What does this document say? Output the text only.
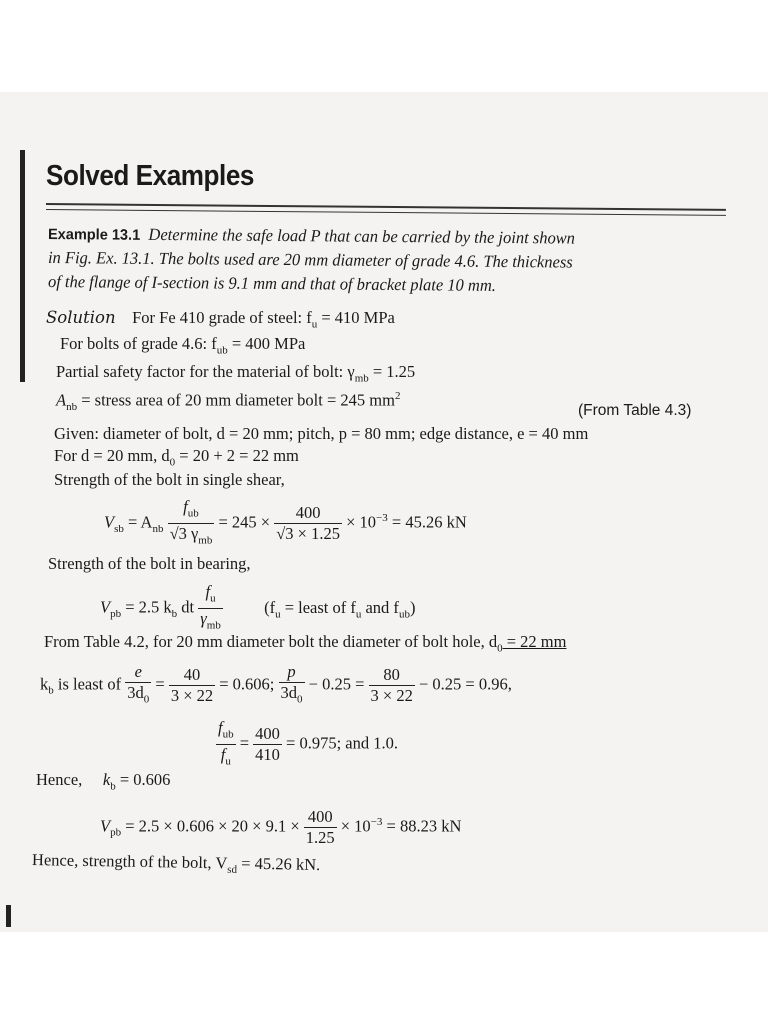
Solved Examples
Example 13.1 Determine the safe load P that can be carried by the joint shown
in Fig. Ex. 13.1. The bolts used are 20 mm diameter of grade 4.6. The thickness
of the flange of I-section is 9.1 mm and that of bracket plate 10 mm.
Solution For Fe 410 grade of steel: $f_u = 410$ MPa
For bolts of grade 4.6: $f_{ub} = 400$ MPa
Partial safety factor for the material of bolt: $\gamma_{mb} = 1.25$
$A_{nb}$ = stress area of 20 mm diameter bolt = 245 $mm^2$
(From Table 4.3)
Given: diameter of bolt, d = 20 mm; pitch, p = 80 mm; edge distance, e = 40 mm
For d = 20 mm, $d_0 = 20 + 2 = 22$ mm
Strength of the bolt in single shear,
$V_{sb} = A_{nb} \frac{f_{ub}}{√3 \gamma_{mb}} = 245 \times \frac{400}{√3 \times 1.25} \times 10^{-3} = 45.26$ kN
Strength of the bolt in bearing,
$V_{pb} = 2.5$ $k_b$ dt $\frac{f_u}{\gamma_{mb}}$	($f_u$ = least of $f_u$ and $f_{ub}$)
From Table 4.2, for 20 mm diameter bolt the diameter of bolt hole, $d_0 = 22$ mm
$k_b$ is least of $\frac{e}{3d_0} = \frac{40}{3 \times 22} = 0.606$; $\frac{p}{3d_0} - 0.25 = \frac{80}{3 \times 22} - 0.25 = 0.96$,
$\frac{f_{ub}}{f_u} = \frac{400}{410} = 0.975$; and 1.0.
Hence, $k_b = 0.606$
$V_{pb} = 2.5 \times 0.606 \times 20 \times 9.1 \times \frac{400}{1.25} \times 10^{-3} = 88.23$ kN
Hence, strength of the bolt, $V_{sd} = 45.26$ kN.
